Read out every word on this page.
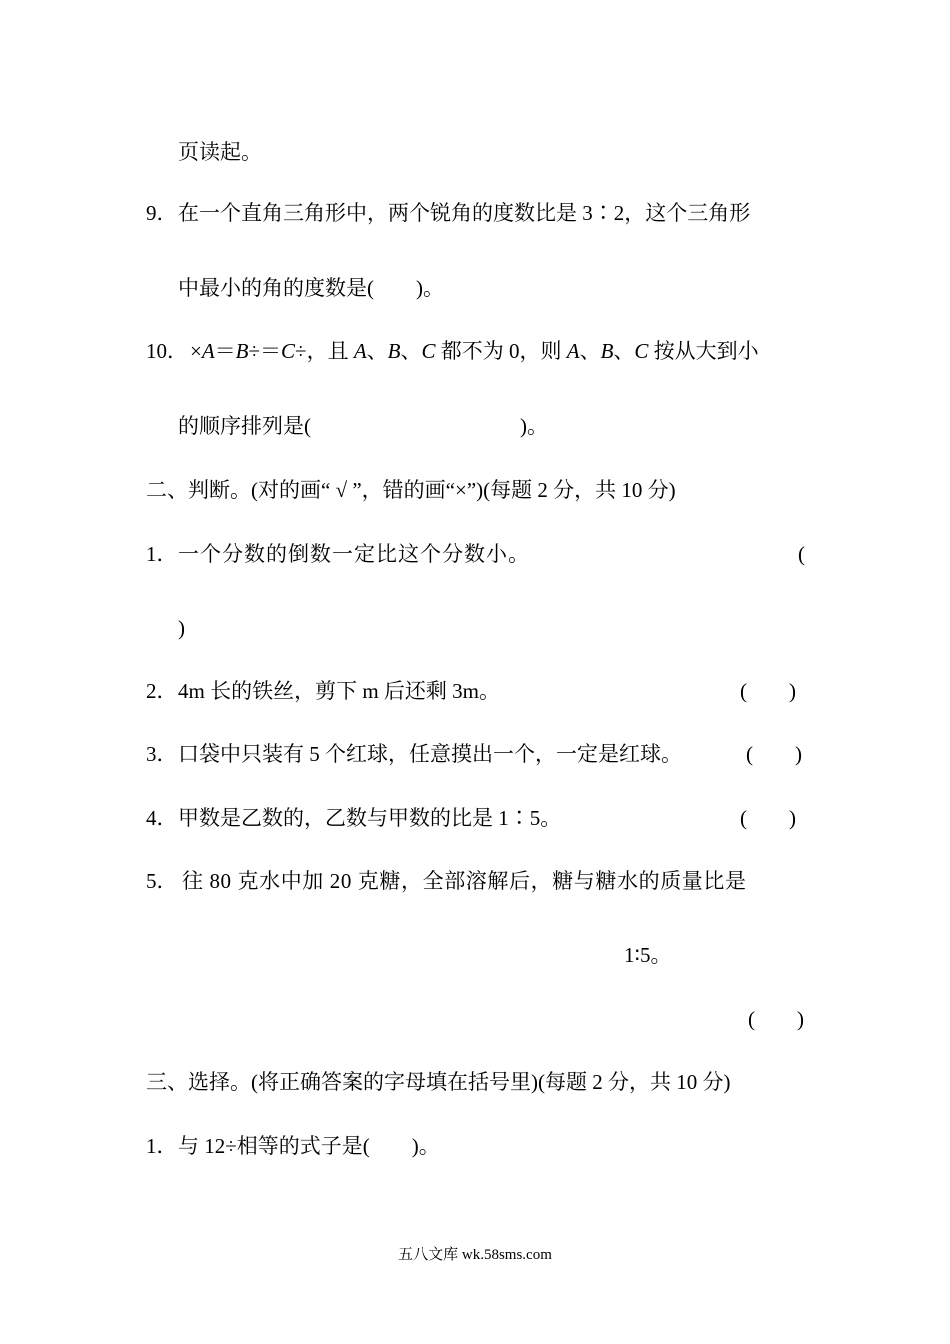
页读起。
9． 在一个直角三角形中，两个锐角的度数比是 3∶2，这个三角形
中最小的角的度数是(　　)。
10． ×A＝B÷＝C÷，且 A、B、C 都不为 0，则 A、B、C 按从大到小
的顺序排列是(	)。
二、判断。(对的画“ √ ”，错的画“×”)(每题 2 分，共 10 分)
1． 一个分数的倒数一定比这个分数小。	(
)
2． 4m 长的铁丝，剪下 m 后还剩 3m。	(　　)
3． 口袋中只装有 5 个红球，任意摸出一个，一定是红球。	(　　)
4． 甲数是乙数的，乙数与甲数的比是 1∶5。	(　　)
5． 往 80 克水中加 20 克糖，全部溶解后，糖与糖水的质量比是
1∶5。
(　　)
三、选择。(将正确答案的字母填在括号里)(每题 2 分，共 10 分)
1． 与 12÷相等的式子是(　　)。
五八文库 wk.58sms.com
